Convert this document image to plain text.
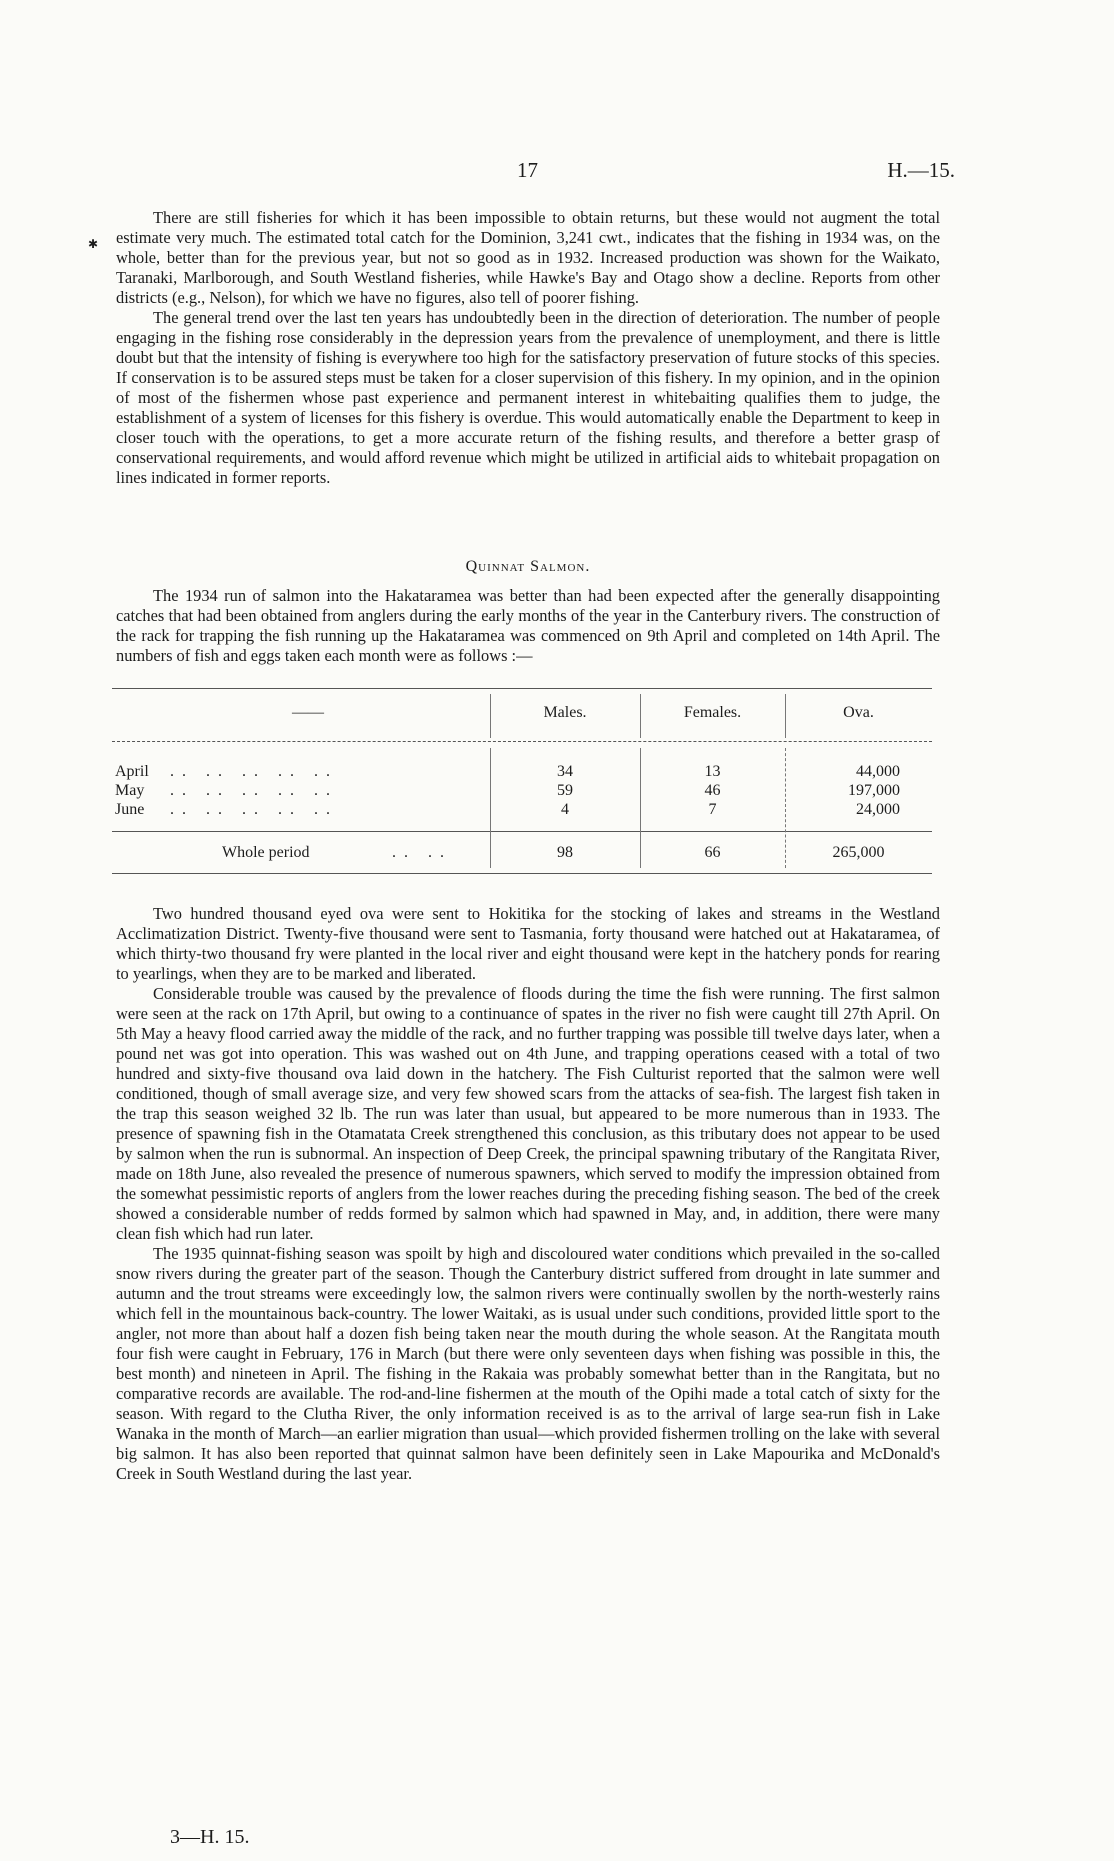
17	H.—15.
✱

There are still fisheries for which it has been impossible to obtain returns, but these would not augment the total estimate very much. The estimated total catch for the Dominion, 3,241 cwt., indicates that the fishing in 1934 was, on the whole, better than for the previous year, but not so good as in 1932. Increased production was shown for the Waikato, Taranaki, Marlborough, and South Westland fisheries, while Hawke's Bay and Otago show a decline. Reports from other districts (e.g., Nelson), for which we have no figures, also tell of poorer fishing.

The general trend over the last ten years has undoubtedly been in the direction of deterioration. The number of people engaging in the fishing rose considerably in the depression years from the prevalence of unemployment, and there is little doubt but that the intensity of fishing is everywhere too high for the satisfactory preservation of future stocks of this species. If conservation is to be assured steps must be taken for a closer supervision of this fishery. In my opinion, and in the opinion of most of the fishermen whose past experience and permanent interest in whitebaiting qualifies them to judge, the establishment of a system of licenses for this fishery is overdue. This would automatically enable the Department to keep in closer touch with the operations, to get a more accurate return of the fishing results, and therefore a better grasp of conservational requirements, and would afford revenue which might be utilized in artificial aids to whitebait propagation on lines indicated in former reports.

Quinnat Salmon.

The 1934 run of salmon into the Hakataramea was better than had been expected after the generally disappointing catches that had been obtained from anglers during the early months of the year in the Canterbury rivers. The construction of the rack for trapping the fish running up the Hakataramea was commenced on 9th April and completed on 14th April. The numbers of fish and eggs taken each month were as follows :—

——	Males.	Females.	Ova.
April . .   . .   . .   . .   . .	34	13	44,000
May . .   . .   . .   . .   . .	59	46	197,000
June . .   . .   . .   . .   . .	4	7	24,000
Whole period	. .   . .	98	66	265,000

Two hundred thousand eyed ova were sent to Hokitika for the stocking of lakes and streams in the Westland Acclimatization District. Twenty-five thousand were sent to Tasmania, forty thousand were hatched out at Hakataramea, of which thirty-two thousand fry were planted in the local river and eight thousand were kept in the hatchery ponds for rearing to yearlings, when they are to be marked and liberated.

Considerable trouble was caused by the prevalence of floods during the time the fish were running. The first salmon were seen at the rack on 17th April, but owing to a continuance of spates in the river no fish were caught till 27th April. On 5th May a heavy flood carried away the middle of the rack, and no further trapping was possible till twelve days later, when a pound net was got into operation. This was washed out on 4th June, and trapping operations ceased with a total of two hundred and sixty-five thousand ova laid down in the hatchery. The Fish Culturist reported that the salmon were well conditioned, though of small average size, and very few showed scars from the attacks of sea-fish. The largest fish taken in the trap this season weighed 32 lb. The run was later than usual, but appeared to be more numerous than in 1933. The presence of spawning fish in the Otamatata Creek strengthened this conclusion, as this tributary does not appear to be used by salmon when the run is subnormal. An inspection of Deep Creek, the principal spawning tributary of the Rangitata River, made on 18th June, also revealed the presence of numerous spawners, which served to modify the impression obtained from the somewhat pessimistic reports of anglers from the lower reaches during the preceding fishing season. The bed of the creek showed a considerable number of redds formed by salmon which had spawned in May, and, in addition, there were many clean fish which had run later.

The 1935 quinnat-fishing season was spoilt by high and discoloured water conditions which prevailed in the so-called snow rivers during the greater part of the season. Though the Canterbury district suffered from drought in late summer and autumn and the trout streams were exceedingly low, the salmon rivers were continually swollen by the north-westerly rains which fell in the mountainous back-country. The lower Waitaki, as is usual under such conditions, provided little sport to the angler, not more than about half a dozen fish being taken near the mouth during the whole season. At the Rangitata mouth four fish were caught in February, 176 in March (but there were only seventeen days when fishing was possible in this, the best month) and nineteen in April. The fishing in the Rakaia was probably somewhat better than in the Rangitata, but no comparative records are available. The rod-and-line fishermen at the mouth of the Opihi made a total catch of sixty for the season. With regard to the Clutha River, the only information received is as to the arrival of large sea-run fish in Lake Wanaka in the month of March—an earlier migration than usual—which provided fishermen trolling on the lake with several big salmon. It has also been reported that quinnat salmon have been definitely seen in Lake Mapourika and McDonald's Creek in South Westland during the last year.

3—H. 15.
